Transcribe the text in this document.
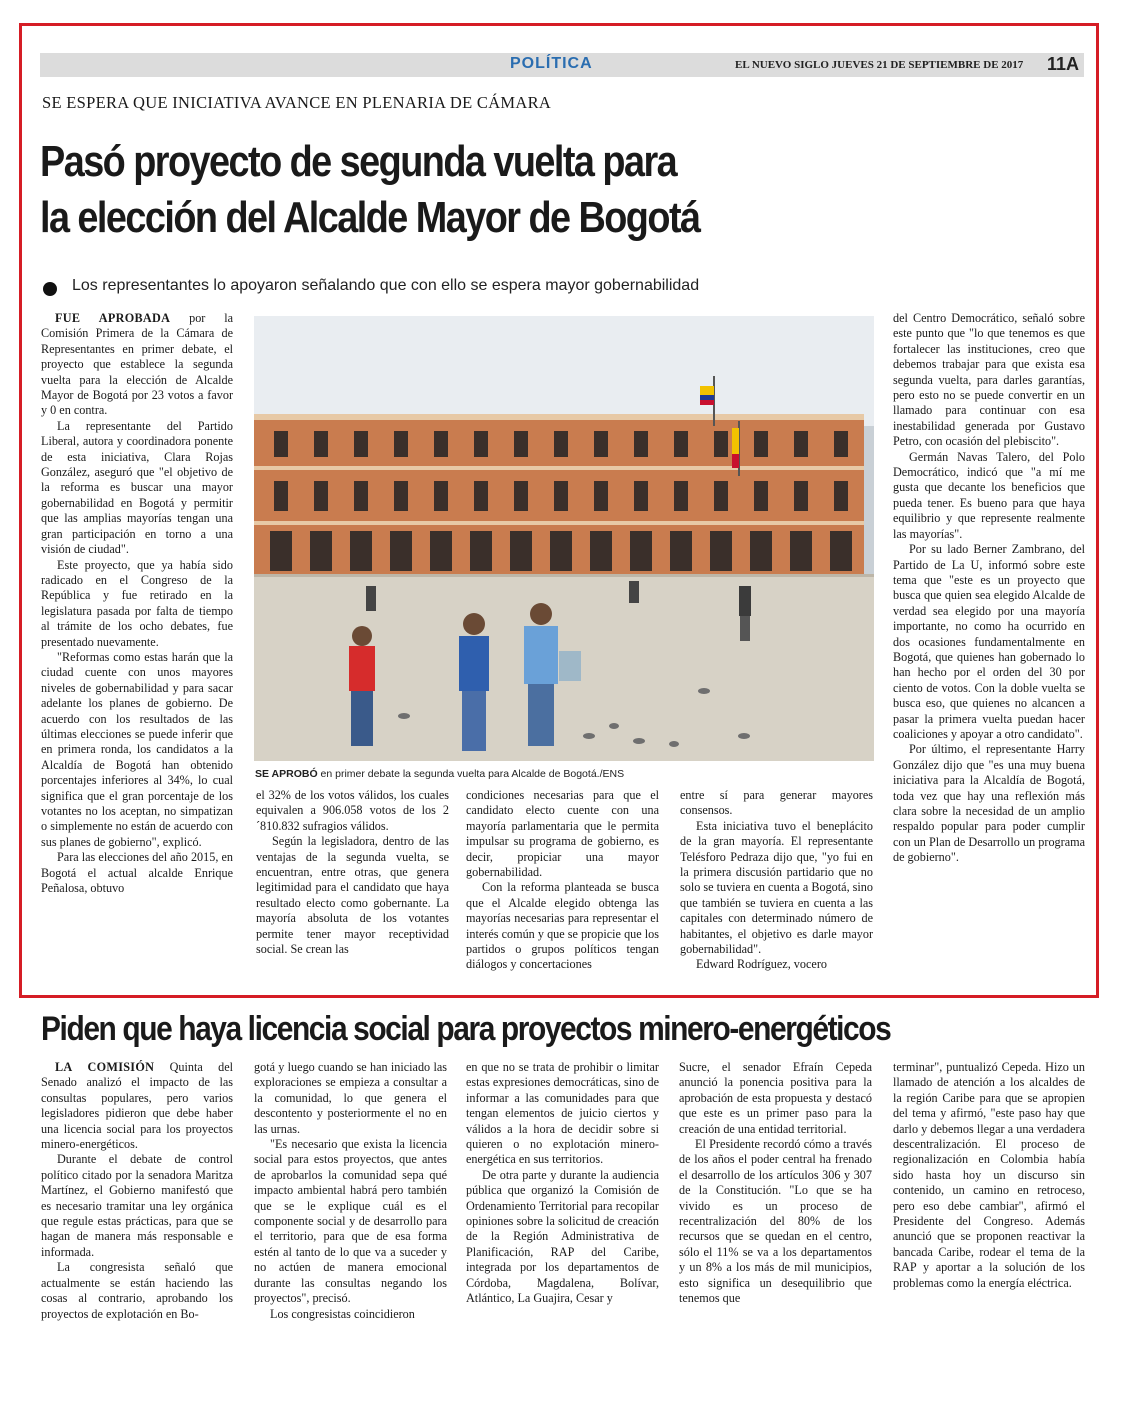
POLÍTICA	EL NUEVO SIGLO JUEVES 21 DE SEPTIEMBRE DE 2017 11A
SE ESPERA QUE INICIATIVA AVANCE EN PLENARIA DE CÁMARA
Pasó proyecto de segunda vuelta para
la elección del Alcalde Mayor de Bogotá
Los representantes lo apoyaron señalando que con ello se espera mayor gobernabilidad

FUE APROBADA por la Comisión Primera de la Cámara de Representantes en primer debate, el proyecto que establece la segunda vuelta para la elección de Alcalde Mayor de Bogotá por 23 votos a favor y 0 en contra.

La representante del Partido Liberal, autora y coordinadora ponente de esta iniciativa, Clara Rojas González, aseguró que "el objetivo de la reforma es buscar una mayor gobernabilidad en Bogotá y permitir que las amplias mayorías tengan una gran participación en torno a una visión de ciudad".

Este proyecto, que ya había sido radicado en el Congreso de la República y fue retirado en la legislatura pasada por falta de tiempo al trámite de los ocho debates, fue presentado nuevamente.

"Reformas como estas harán que la ciudad cuente con unos mayores niveles de gobernabilidad y para sacar adelante los planes de gobierno. De acuerdo con los resultados de las últimas elecciones se puede inferir que en primera ronda, los candidatos a la Alcaldía de Bogotá han obtenido porcentajes inferiores al 34%, lo cual significa que el gran porcentaje de los votantes no los aceptan, no simpatizan o simplemente no están de acuerdo con sus planes de gobierno", explicó.

Para las elecciones del año 2015, en Bogotá el actual alcalde Enrique Peñalosa, obtuvo

SE APROBÓ en primer debate la segunda vuelta para Alcalde de Bogotá./ENS

el 32% de los votos válidos, los cuales equivalen a 906.058 votos de los 2´810.832 sufragios válidos.

Según la legisladora, dentro de las ventajas de la segunda vuelta, se encuentran, entre otras, que genera legitimidad para el candidato que haya resultado electo como gobernante. La mayoría absoluta de los votantes permite tener mayor receptividad social. Se crean las

condiciones necesarias para que el candidato electo cuente con una mayoría parlamentaria que le permita impulsar su programa de gobierno, es decir, propiciar una mayor gobernabilidad.

Con la reforma planteada se busca que el Alcalde elegido obtenga las mayorías necesarias para representar el interés común y que se propicie que los partidos o grupos políticos tengan diálogos y concertaciones

entre sí para generar mayores consensos.

Esta iniciativa tuvo el beneplácito de la gran mayoría. El representante Telésforo Pedraza dijo que, "yo fui en la primera discusión partidario que no solo se tuviera en cuenta a Bogotá, sino que también se tuviera en cuenta a las capitales con determinado número de habitantes, el objetivo es darle mayor gobernabilidad".

Edward Rodríguez, vocero

del Centro Democrático, señaló sobre este punto que "lo que tenemos es que fortalecer las instituciones, creo que debemos trabajar para que exista esa segunda vuelta, para darles garantías, pero esto no se puede convertir en un llamado para continuar con esa inestabilidad generada por Gustavo Petro, con ocasión del plebiscito".

Germán Navas Talero, del Polo Democrático, indicó que "a mí me gusta que decante los beneficios que pueda tener. Es bueno para que haya equilibrio y que represente realmente las mayorías".

Por su lado Berner Zambrano, del Partido de La U, informó sobre este tema que "este es un proyecto que busca que quien sea elegido Alcalde de verdad sea elegido por una mayoría importante, no como ha ocurrido en dos ocasiones fundamentalmente en Bogotá, que quienes han gobernado lo han hecho por el orden del 30 por ciento de votos. Con la doble vuelta se busca eso, que quienes no alcancen a pasar la primera vuelta puedan hacer coaliciones y apoyar a otro candidato".

Por último, el representante Harry González dijo que "es una muy buena iniciativa para la Alcaldía de Bogotá, toda vez que hay una reflexión más clara sobre la necesidad de un amplio respaldo popular para poder cumplir con un Plan de Desarrollo un programa de gobierno".

Piden que haya licencia social para proyectos minero-energéticos

LA COMISIÓN Quinta del Senado analizó el impacto de las consultas populares, pero varios legisladores pidieron que debe haber una licencia social para los proyectos minero-energéticos.

Durante el debate de control político citado por la senadora Maritza Martínez, el Gobierno manifestó que es necesario tramitar una ley orgánica que regule estas prácticas, para que se hagan de manera más responsable e informada.

La congresista señaló que actualmente se están haciendo las cosas al contrario, aprobando los proyectos de explotación en Bo-

gotá y luego cuando se han iniciado las exploraciones se empieza a consultar a la comunidad, lo que genera el descontento y posteriormente el no en las urnas.

"Es necesario que exista la licencia social para estos proyectos, que antes de aprobarlos la comunidad sepa qué impacto ambiental habrá pero también que se le explique cuál es el componente social y de desarrollo para el territorio, para que de esa forma estén al tanto de lo que va a suceder y no actúen de manera emocional durante las consultas negando los proyectos", precisó.

Los congresistas coincidieron

en que no se trata de prohibir o limitar estas expresiones democráticas, sino de informar a las comunidades para que tengan elementos de juicio ciertos y válidos a la hora de decidir sobre si quieren o no explotación minero-energética en sus territorios.

De otra parte y durante la audiencia pública que organizó la Comisión de Ordenamiento Territorial para recopilar opiniones sobre la solicitud de creación de la Región Administrativa de Planificación, RAP del Caribe, integrada por los departamentos de Córdoba, Magdalena, Bolívar, Atlántico, La Guajira, Cesar y

Sucre, el senador Efraín Cepeda anunció la ponencia positiva para la aprobación de esta propuesta y destacó que este es un primer paso para la creación de una entidad territorial.

El Presidente recordó cómo a través de los años el poder central ha frenado el desarrollo de los artículos 306 y 307 de la Constitución. "Lo que se ha vivido es un proceso de recentralización del 80% de los recursos que se quedan en el centro, sólo el 11% se va a los departamentos y un 8% a los más de mil municipios, esto significa un desequilibrio que tenemos que

terminar", puntualizó Cepeda. Hizo un llamado de atención a los alcaldes de la región Caribe para que se apropien del tema y afirmó, "este paso hay que darlo y debemos llegar a una verdadera descentralización. El proceso de regionalización en Colombia había sido hasta hoy un discurso sin contenido, un camino en retroceso, pero eso debe cambiar", afirmó el Presidente del Congreso. Además anunció que se proponen reactivar la bancada Caribe, rodear el tema de la RAP y aportar a la solución de los problemas como la energía eléctrica.
